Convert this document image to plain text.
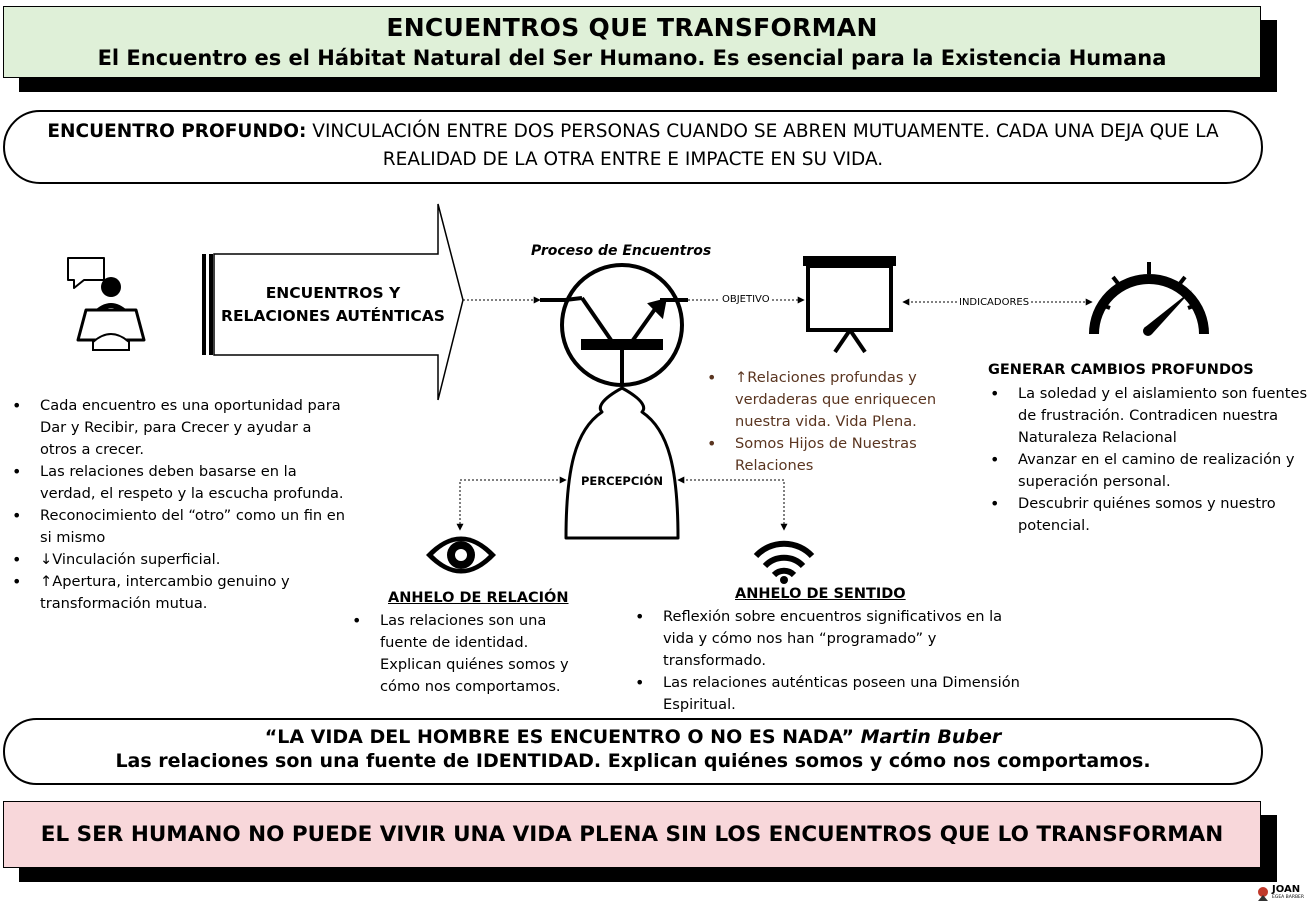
ENCUENTROS QUE TRANSFORMAN
El Encuentro es el Hábitat Natural del Ser Humano. Es esencial para la Existencia Humana
ENCUENTRO PROFUNDO: VINCULACIÓN ENTRE DOS PERSONAS CUANDO SE ABREN MUTUAMENTE. CADA UNA DEJA QUE LA REALIDAD DE LA OTRA ENTRE E IMPACTE EN SU VIDA.
ENCUENTROS Y RELACIONES AUTÉNTICAS
Proceso de Encuentros
OBJETIVO	INDICADORES
PERCEPCIÓN
• Cada encuentro es una oportunidad para Dar y Recibir, para Crecer y ayudar a otros a crecer.
• Las relaciones deben basarse en la verdad, el respeto y la escucha profunda.
• Reconocimiento del “otro” como un fin en si mismo
• ↓Vinculación superficial.
• ↑Apertura, intercambio genuino y transformación mutua.
• ↑Relaciones profundas y verdaderas que enriquecen nuestra vida. Vida Plena.
• Somos Hijos de Nuestras Relaciones
GENERAR CAMBIOS PROFUNDOS
• La soledad y el aislamiento son fuentes de frustración. Contradicen nuestra Naturaleza Relacional
• Avanzar en el camino de realización y superación personal.
• Descubrir quiénes somos y nuestro potencial.
ANHELO DE RELACIÓN
• Las relaciones son una fuente de identidad. Explican quiénes somos y cómo nos comportamos.
ANHELO DE SENTIDO
• Reflexión sobre encuentros significativos en la vida y cómo nos han “programado” y transformado.
• Las relaciones auténticas poseen una Dimensión Espiritual.
“LA VIDA DEL HOMBRE ES ENCUENTRO O NO ES NADA” Martin Buber
Las relaciones son una fuente de IDENTIDAD. Explican quiénes somos y cómo nos comportamos.
EL SER HUMANO NO PUEDE VIVIR UNA VIDA PLENA SIN LOS ENCUENTROS QUE LO TRANSFORMAN
JOAN
EGEA BARBER
